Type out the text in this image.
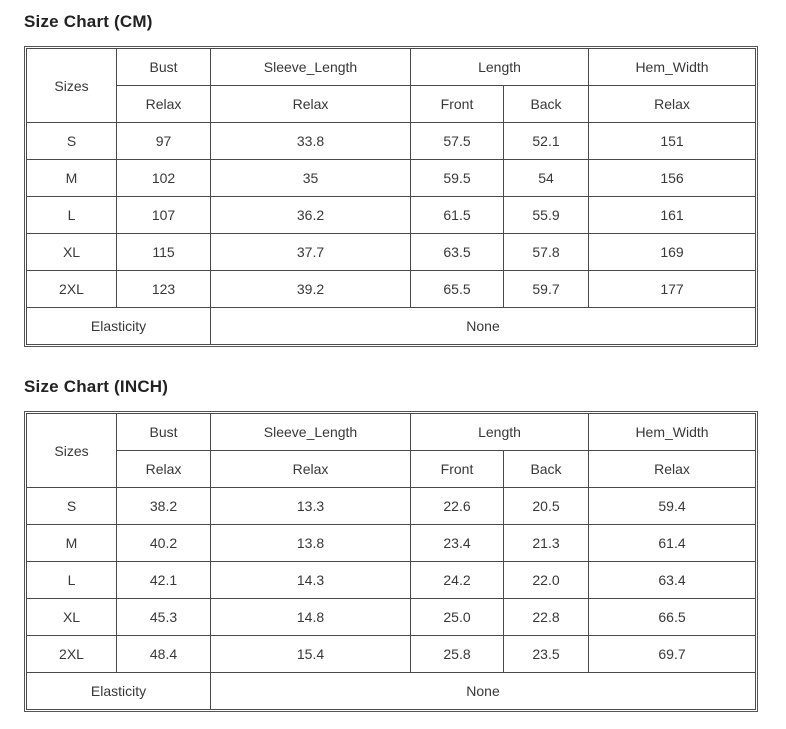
Size Chart (CM)
Sizes	Bust	Sleeve_Length	Length		Hem_Width
	Relax	Relax	Front	Back	Relax
S	97	33.8	57.5	52.1	151
M	102	35	59.5	54	156
L	107	36.2	61.5	55.9	161
XL	115	37.7	63.5	57.8	169
2XL	123	39.2	65.5	59.7	177
Elasticity		None			
Size Chart (INCH)
Sizes	Bust	Sleeve_Length	Length		Hem_Width
	Relax	Relax	Front	Back	Relax
S	38.2	13.3	22.6	20.5	59.4
M	40.2	13.8	23.4	21.3	61.4
L	42.1	14.3	24.2	22.0	63.4
XL	45.3	14.8	25.0	22.8	66.5
2XL	48.4	15.4	25.8	23.5	69.7
Elasticity		None			
